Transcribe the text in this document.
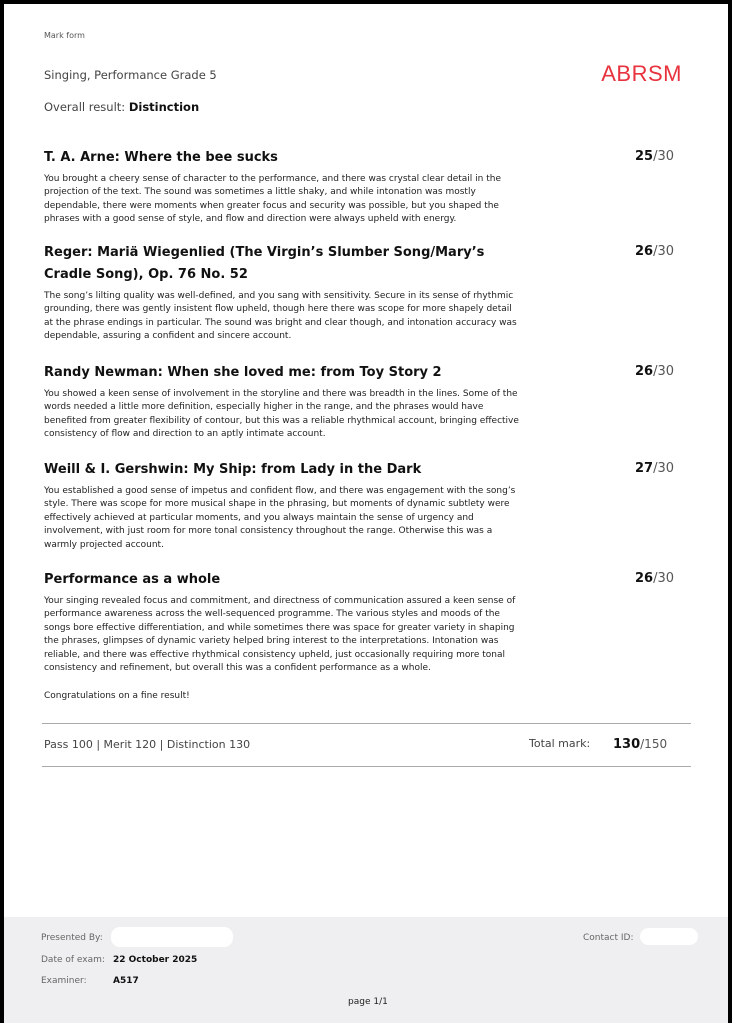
Mark form
Singing, Performance Grade 5	ABRSM
Overall result: Distinction
T. A. Arne: Where the bee sucks	25/30
You brought a cheery sense of character to the performance, and there was crystal clear detail in the projection of the text. The sound was sometimes a little shaky, and while intonation was mostly dependable, there were moments when greater focus and security was possible, but you shaped the phrases with a good sense of style, and flow and direction were always upheld with energy.
Reger: Mariä Wiegenlied (The Virgin’s Slumber Song/Mary’s Cradle Song), Op. 76 No. 52
26/30
The song’s lilting quality was well-defined, and you sang with sensitivity. Secure in its sense of rhythmic grounding, there was gently insistent flow upheld, though here there was scope for more shapely detail at the phrase endings in particular. The sound was bright and clear though, and intonation accuracy was dependable, assuring a confident and sincere account.
Randy Newman: When she loved me: from Toy Story 2	26/30
You showed a keen sense of involvement in the storyline and there was breadth in the lines. Some of the words needed a little more definition, especially higher in the range, and the phrases would have benefited from greater flexibility of contour, but this was a reliable rhythmical account, bringing effective consistency of flow and direction to an aptly intimate account.
Weill & I. Gershwin: My Ship: from Lady in the Dark	27/30
You established a good sense of impetus and confident flow, and there was engagement with the song’s style. There was scope for more musical shape in the phrasing, but moments of dynamic subtlety were effectively achieved at particular moments, and you always maintain the sense of urgency and involvement, with just room for more tonal consistency throughout the range. Otherwise this was a warmly projected account.
Performance as a whole	26/30
Your singing revealed focus and commitment, and directness of communication assured a keen sense of performance awareness across the well-sequenced programme. The various styles and moods of the songs bore effective differentiation, and while sometimes there was space for greater variety in shaping the phrases, glimpses of dynamic variety helped bring interest to the interpretations. Intonation was reliable, and there was effective rhythmical consistency upheld, just occasionally requiring more tonal consistency and refinement, but overall this was a confident performance as a whole.
Congratulations on a fine result!
Pass 100 | Merit 120 | Distinction 130	Total mark: 130/150
Presented By:	Contact ID:
Date of exam: 22 October 2025
Examiner:	A517
page 1/1
